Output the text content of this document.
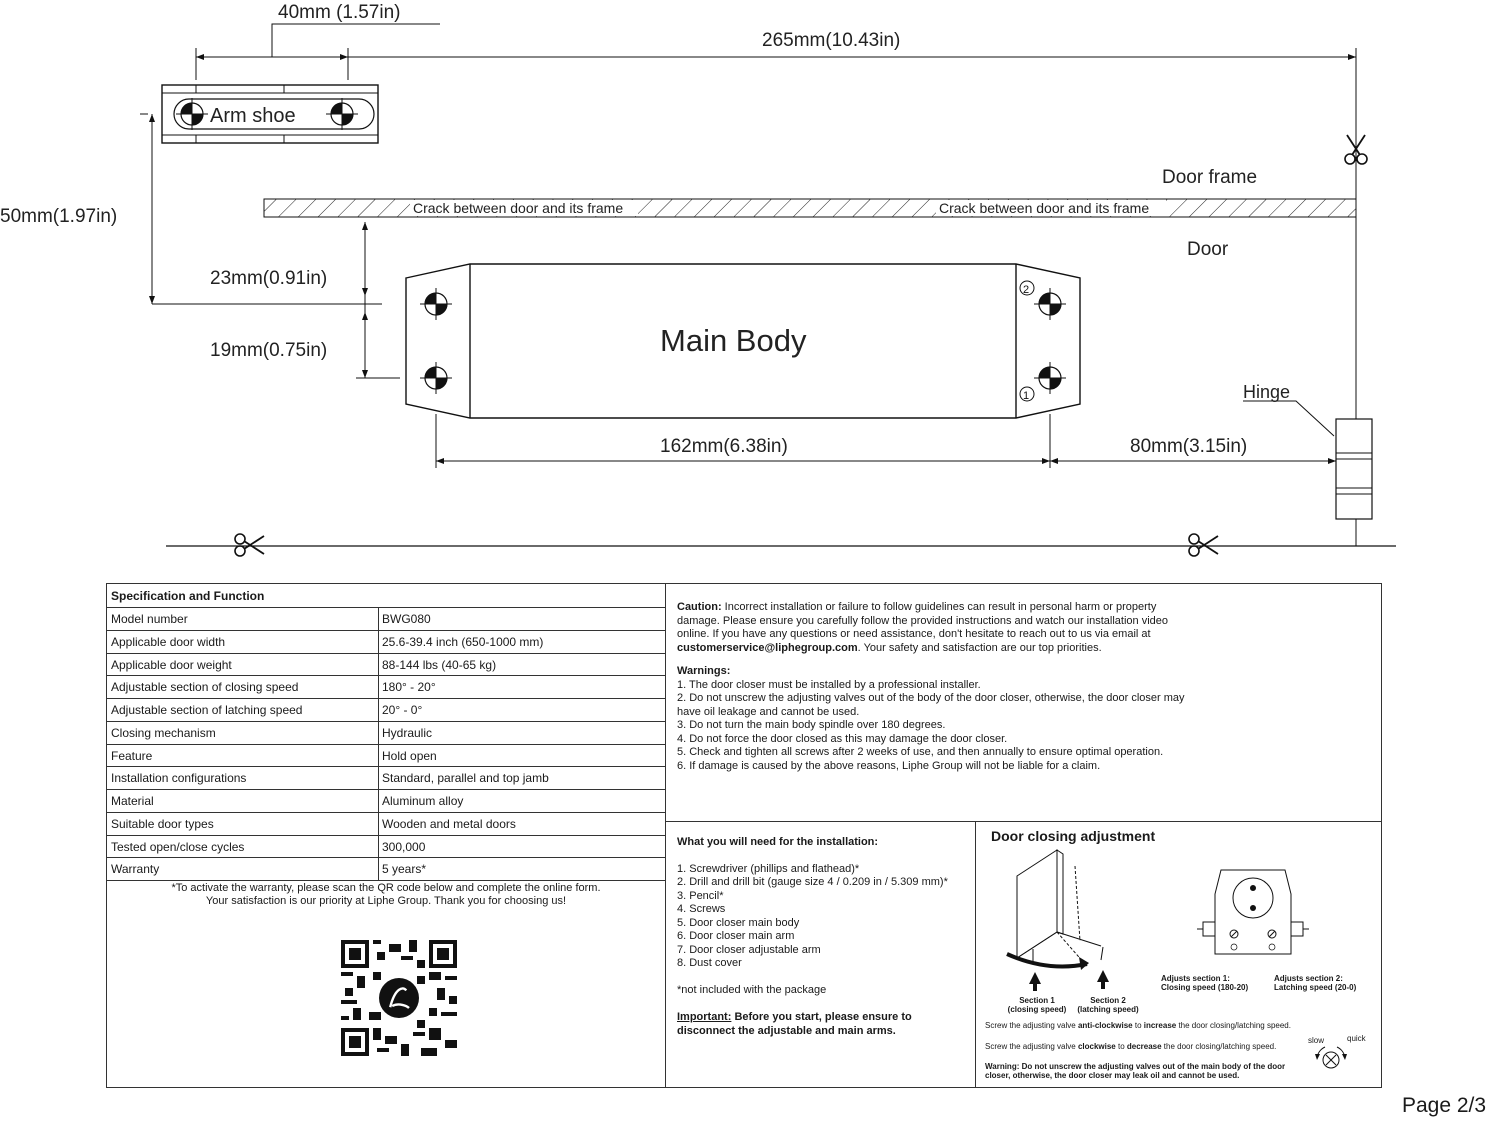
40mm (1.57in)
265mm(10.43in)
Arm shoe
Door frame
Crack between door and its frame	Crack between door and its frame
Door
50mm(1.97in)
23mm(0.91in)
19mm(0.75in)
2
1
Main Body
162mm(6.38in)	80mm(3.15in)
Hinge
Specification and Function
Model number	BWG080
Applicable door width	25.6-39.4 inch (650-1000 mm)
Applicable door weight	88-144 lbs (40-65 kg)
Adjustable section of closing speed	180° - 20°
Adjustable section of latching speed	20° - 0°
Closing mechanism	Hydraulic
Feature	Hold open
Installation configurations	Standard, parallel and top jamb
Material	Aluminum alloy
Suitable door types	Wooden and metal doors
Tested open/close cycles	300,000
Warranty	5 years*
*To activate the warranty, please scan the QR code below and complete the online form.
Your satisfaction is our priority at Liphe Group. Thank you for choosing us!
Caution: Incorrect installation or failure to follow guidelines can result in personal harm or property
damage. Please ensure you carefully follow the provided instructions and watch our installation video
online. If you have any questions or need assistance, don't hesitate to reach out to us via email at
customerservice@liphegroup.com. Your safety and satisfaction are our top priorities.
Warnings:
1. The door closer must be installed by a professional installer.
2. Do not unscrew the adjusting valves out of the body of the door closer, otherwise, the door closer may
have oil leakage and cannot be used.
3. Do not turn the main body spindle over 180 degrees.
4. Do not force the door closed as this may damage the door closer.
5. Check and tighten all screws after 2 weeks of use, and then annually to ensure optimal operation.
6. If damage is caused by the above reasons, Liphe Group will not be liable for a claim.
What you will need for the installation:
1. Screwdriver (phillips and flathead)*
2. Drill and drill bit (gauge size 4 / 0.209 in / 5.309 mm)*
3. Pencil*
4. Screws
5. Door closer main body
6. Door closer main arm
7. Door closer adjustable arm
8. Dust cover
*not included with the package
Important: Before you start, please ensure to
disconnect the adjustable and main arms.
Door closing adjustment
Section 1
(closing speed)
Section 2
(latching speed)
Adjusts section 1:
Closing speed (180-20)
Adjusts section 2:
Latching speed (20-0)
Screw the adjusting valve anti-clockwise to increase the door closing/latching speed.
Screw the adjusting valve clockwise to decrease the door closing/latching speed.
slow	quick
Warning: Do not unscrew the adjusting valves out of the main body of the door
closer, otherwise, the door closer may leak oil and cannot be used.
Page 2/3
